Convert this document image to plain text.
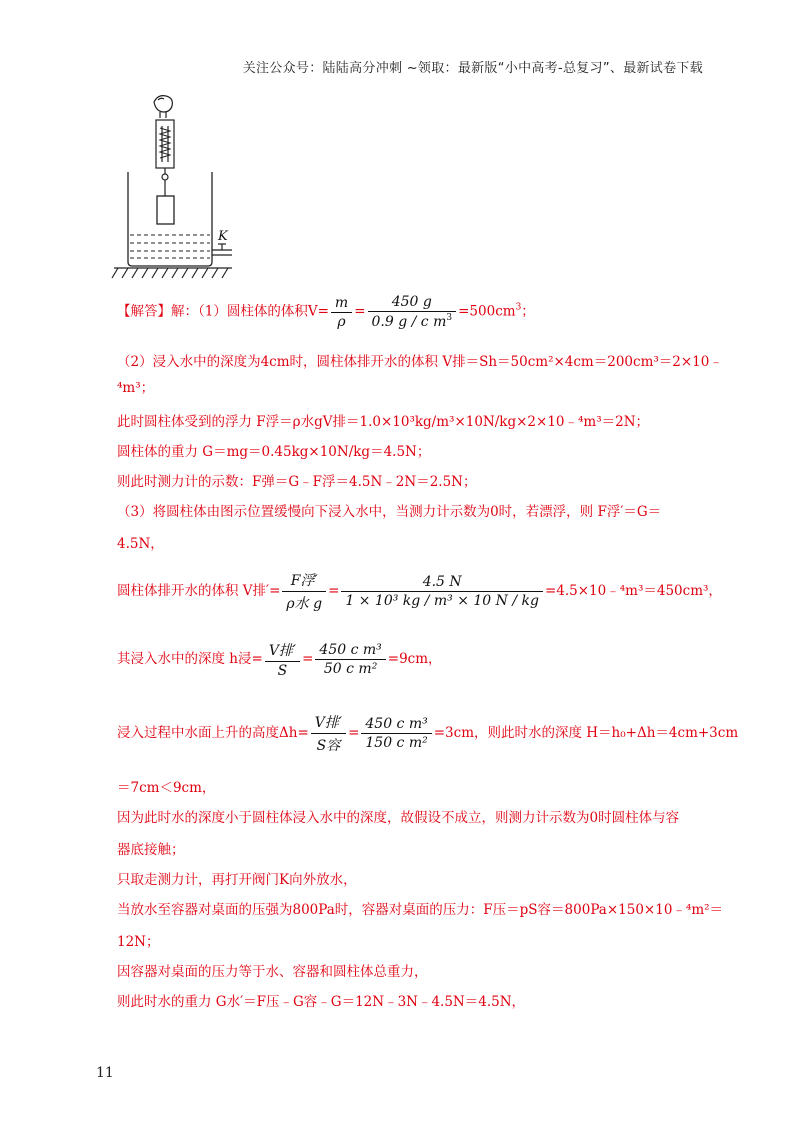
关注公众号：陆陆高分冲刺 ~领取：最新版“小中高考-总复习”、最新试卷下载
K
【解答】解：（1）圆柱体的体积$V= \frac{m}{\rho} = \frac{450 g}{0.9 g / c m^3} =500cm^3$；
（2）浸入水中的深度为4cm时，圆柱体排开水的体积 V排＝Sh＝50cm²×4cm＝200cm³＝2×10﹣
⁴m³；
此时圆柱体受到的浮力 F浮＝ρ水gV排＝1.0×10³kg/m³×10N/kg×2×10﹣⁴m³＝2N；
圆柱体的重力 G＝mg＝0.45kg×10N/kg＝4.5N；
则此时测力计的示数：F弹＝G﹣F浮＝4.5N﹣2N＝2.5N；
（3）将圆柱体由图示位置缓慢向下浸入水中，当测力计示数为0时，若漂浮，则 F浮′＝G＝
4.5N，
圆柱体排开水的体积 V排′= $\frac{\text{F浮′}}{\text{ρ水 g}} = \frac{4.5 N}{\text{1 × 10³ kg / m³ × 10 N / kg}}$ =4.5×10﹣⁴m³＝450cm³，
其浸入水中的深度 h浸= $\frac{\text{V排′}}{S} = \frac{\text{450 c m³}}{\text{50 c m²}} =9cm$，
浸入过程中水面上升的高度$\Delta h= \frac{\text{V排′}}{\text{S容}} = \frac{\text{450 c m³}}{\text{150 c m²}} =3cm$，则此时水的深度 H＝h₀+Δh＝4cm+3cm
＝7cm＜9cm，
因为此时水的深度小于圆柱体浸入水中的深度，故假设不成立，则测力计示数为0时圆柱体与容
器底接触；
只取走测力计，再打开阀门K向外放水，
当放水至容器对桌面的压强为800Pa时，容器对桌面的压力：F压＝pS容＝800Pa×150×10﹣⁴m²＝
12N；
因容器对桌面的压力等于水、容器和圆柱体总重力，
则此时水的重力 G水′＝F压﹣G容﹣G＝12N﹣3N﹣4.5N＝4.5N，
11
